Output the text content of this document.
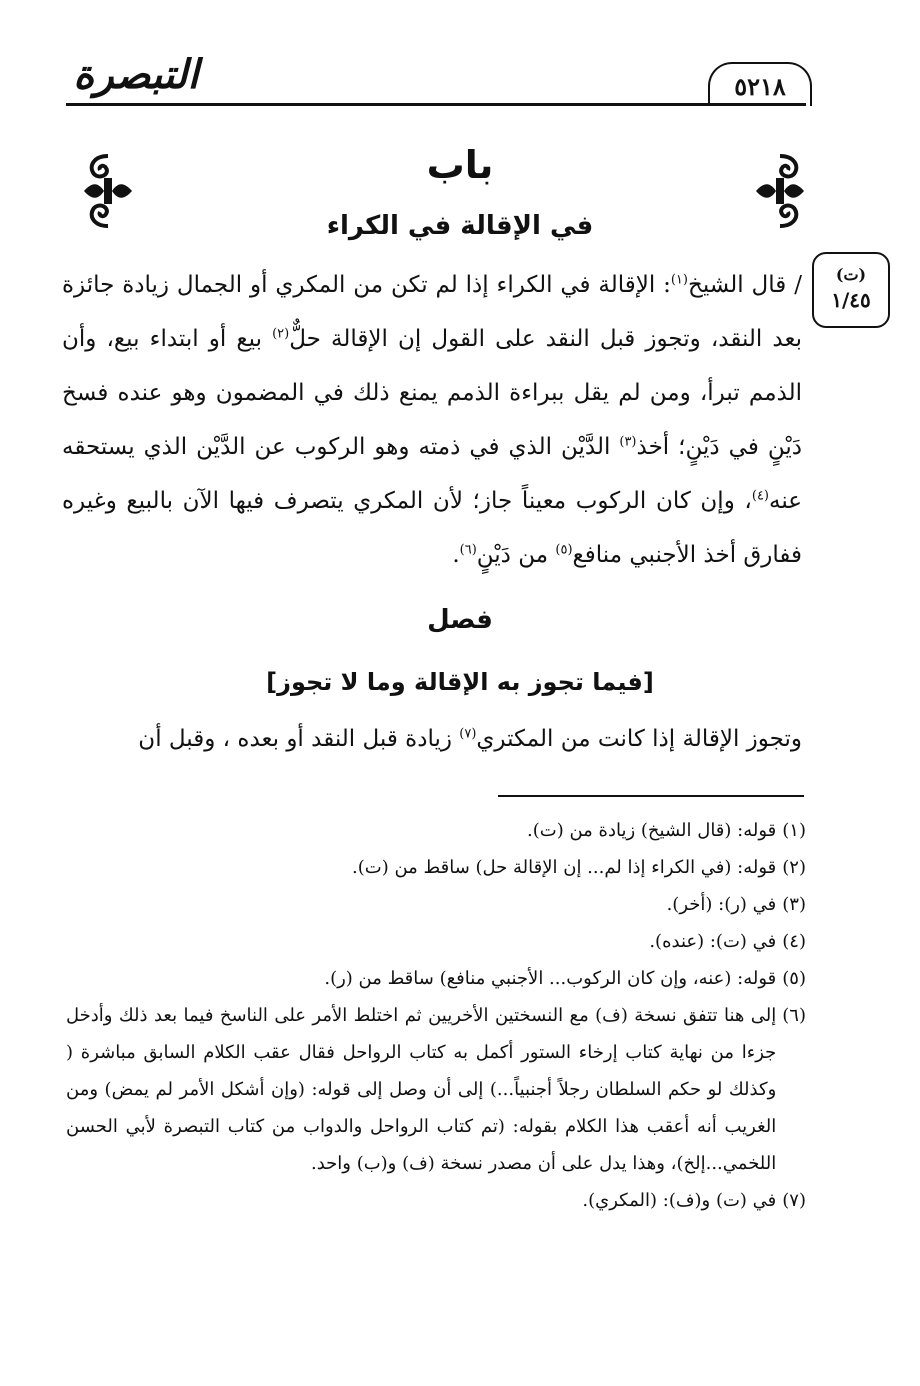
التبصرة	٥٢١٨
باب
في الإقالة في الكراء
(ت)
١/٤٥

/قال الشيخ$^{(١)}$: الإقالة في الكراء إذا لم تكن من المكري أو الجمال زيادة جائزة بعد النقد، وتجوز قبل النقد على القول إن الإقالة حلٌّ$^{(٢)}$ بيع أو ابتداء بيع، وأن الذمم تبرأ، ومن لم يقل ببراءة الذمم يمنع ذلك في المضمون وهو عنده فسخ دَيْنٍ في دَيْنٍ؛ أخذ$^{(٣)}$ الدَّيْن الذي في ذمته وهو الركوب عن الدَّيْن الذي يستحقه عنه$^{(٤)}$، وإن كان الركوب معيناً جاز؛ لأن المكري يتصرف فيها الآن بالبيع وغيره ففارق أخذ الأجنبي منافع$^{(٥)}$ من دَيْنٍ$^{(٦)}$.

فصل
[فيما تجوز به الإقالة وما لا تجوز]
وتجوز الإقالة إذا كانت من المكتري$^{(٧)}$ زيادة قبل النقد أو بعده ، وقبل أن
(١)
قوله: (قال الشيخ) زيادة من (ت).
(٢)
قوله: (في الكراء إذا لم... إن الإقالة حل) ساقط من (ت).
(٣)
في (ر): (أخر).
(٤)
في (ت): (عنده).
(٥)
قوله: (عنه، وإن كان الركوب... الأجنبي منافع) ساقط من (ر).
(٦)
إلى هنا تتفق نسخة (ف) مع النسختين الأخريين ثم اختلط الأمر على الناسخ فيما بعد ذلك وأدخل جزءا من نهاية كتاب إرخاء الستور أكمل به كتاب الرواحل فقال عقب الكلام السابق مباشرة ( وكذلك لو حكم السلطان رجلاً أجنبياً...) إلى أن وصل إلى قوله: (وإن أشكل الأمر لم يمض) ومن الغريب أنه أعقب هذا الكلام بقوله: (تم كتاب الرواحل والدواب من كتاب التبصرة لأبي الحسن اللخمي...إلخ)، وهذا يدل على أن مصدر نسخة (ف) و(ب) واحد.
(٧)
في (ت) و(ف): (المكري).
